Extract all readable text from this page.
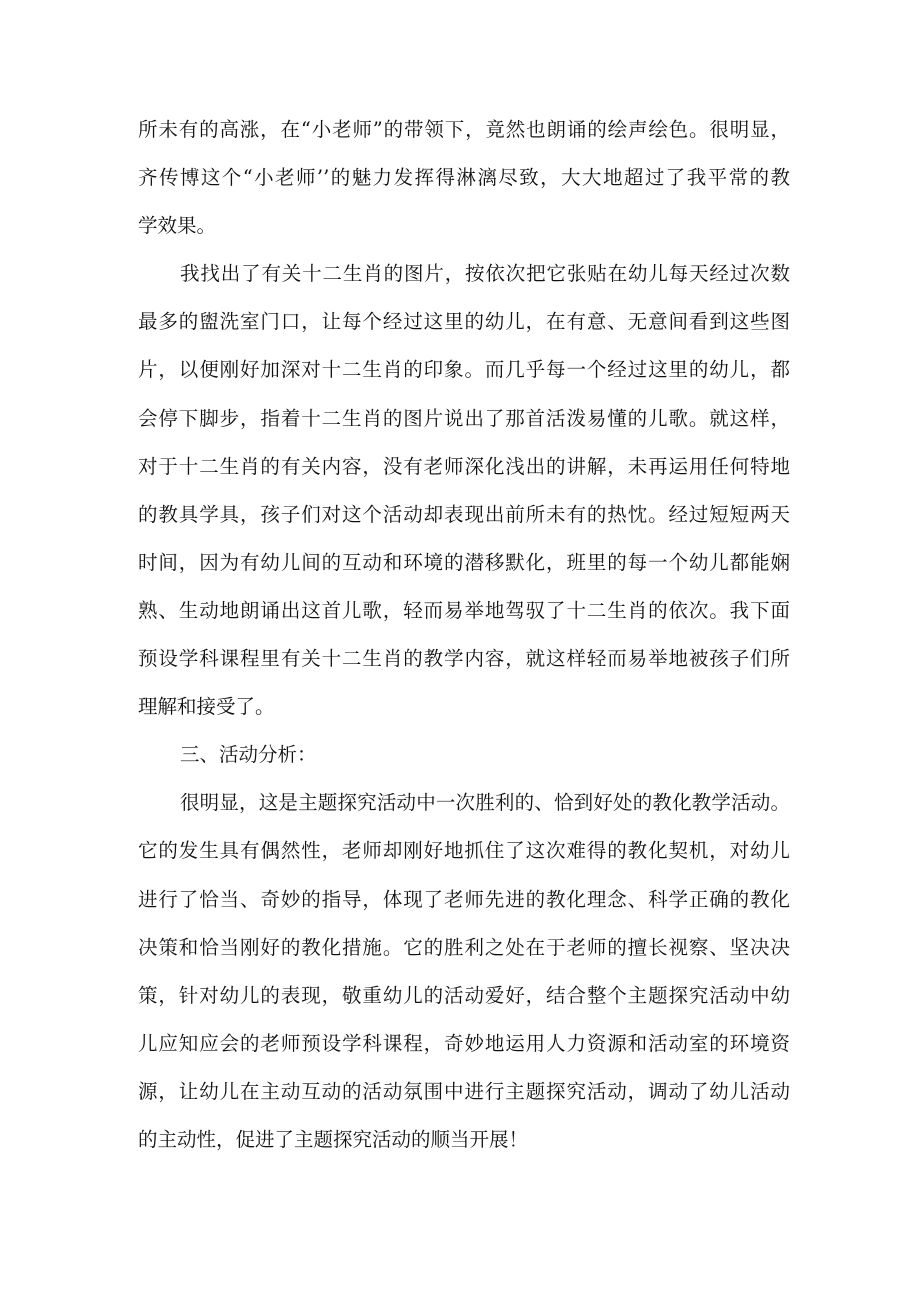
所未有的高涨，在“小老师”的带领下，竟然也朗诵的绘声绘色。很明显，
齐传博这个“小老师’’的魅力发挥得淋漓尽致，大大地超过了我平常的教
学效果。
我找出了有关十二生肖的图片，按依次把它张贴在幼儿每天经过次数
最多的盥洗室门口，让每个经过这里的幼儿，在有意、无意间看到这些图
片，以便刚好加深对十二生肖的印象。而几乎每一个经过这里的幼儿，都
会停下脚步，指着十二生肖的图片说出了那首活泼易懂的儿歌。就这样，
对于十二生肖的有关内容，没有老师深化浅出的讲解，未再运用任何特地
的教具学具，孩子们对这个活动却表现出前所未有的热忱。经过短短两天
时间，因为有幼儿间的互动和环境的潜移默化，班里的每一个幼儿都能娴
熟、生动地朗诵出这首儿歌，轻而易举地驾驭了十二生肖的依次。我下面
预设学科课程里有关十二生肖的教学内容，就这样轻而易举地被孩子们所
理解和接受了。
三、活动分析：
很明显，这是主题探究活动中一次胜利的、恰到好处的教化教学活动。
它的发生具有偶然性，老师却刚好地抓住了这次难得的教化契机，对幼儿
进行了恰当、奇妙的指导，体现了老师先进的教化理念、科学正确的教化
决策和恰当刚好的教化措施。它的胜利之处在于老师的擅长视察、坚决决
策，针对幼儿的表现，敬重幼儿的活动爱好，结合整个主题探究活动中幼
儿应知应会的老师预设学科课程，奇妙地运用人力资源和活动室的环境资
源，让幼儿在主动互动的活动氛围中进行主题探究活动，调动了幼儿活动
的主动性，促进了主题探究活动的顺当开展！
